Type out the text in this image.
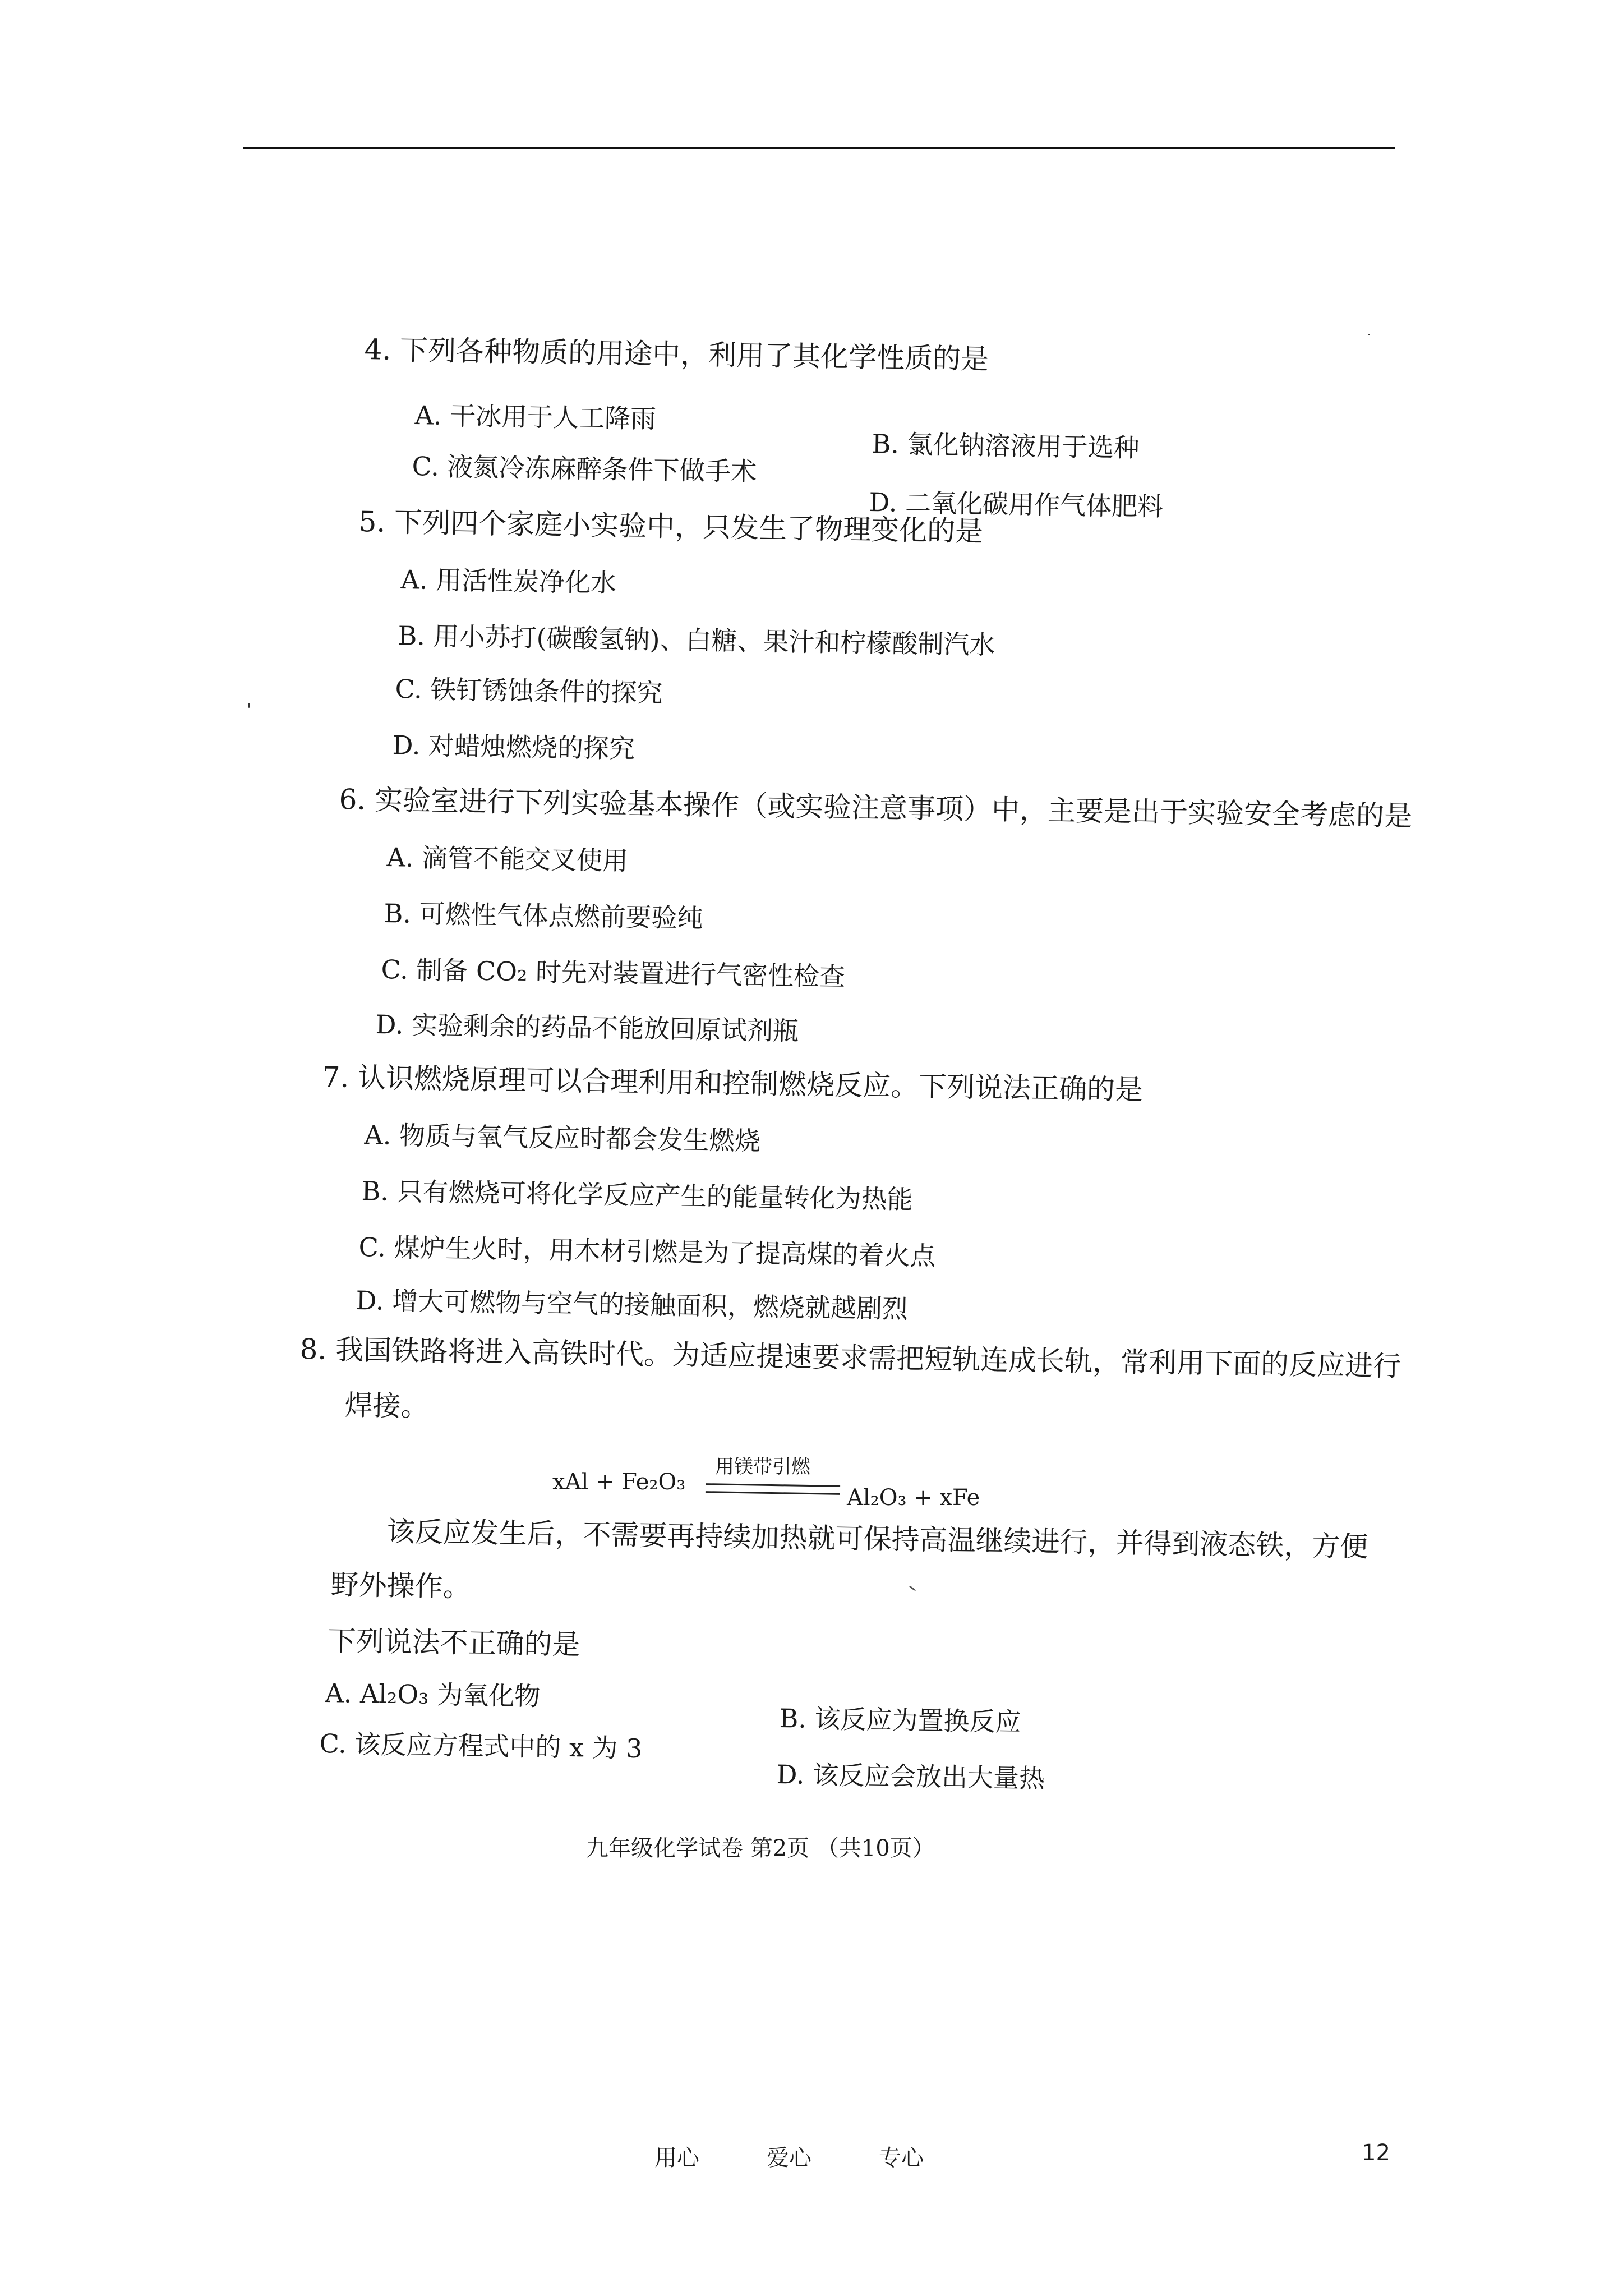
4. 下列各种物质的用途中，利用了其化学性质的是
A. 干冰用于人工降雨
B. 氯化钠溶液用于选种
C. 液氮冷冻麻醉条件下做手术
D. 二氧化碳用作气体肥料
5. 下列四个家庭小实验中，只发生了物理变化的是
A. 用活性炭净化水
B. 用小苏打(碳酸氢钠)、白糖、果汁和柠檬酸制汽水
C. 铁钉锈蚀条件的探究
D. 对蜡烛燃烧的探究
6. 实验室进行下列实验基本操作（或实验注意事项）中，主要是出于实验安全考虑的是
A. 滴管不能交叉使用
B. 可燃性气体点燃前要验纯
C. 制备 CO₂ 时先对装置进行气密性检查
D. 实验剩余的药品不能放回原试剂瓶
7. 认识燃烧原理可以合理利用和控制燃烧反应。下列说法正确的是
A. 物质与氧气反应时都会发生燃烧
B. 只有燃烧可将化学反应产生的能量转化为热能
C. 煤炉生火时，用木材引燃是为了提高煤的着火点
D. 增大可燃物与空气的接触面积，燃烧就越剧烈
8. 我国铁路将进入高铁时代。为适应提速要求需把短轨连成长轨，常利用下面的反应进行
焊接。
xAl + Fe₂O₃
用镁带引燃
Al₂O₃ + xFe
该反应发生后，不需要再持续加热就可保持高温继续进行，并得到液态铁，方便
野外操作。
下列说法不正确的是
A. Al₂O₃ 为氧化物
B. 该反应为置换反应
C. 该反应方程式中的 x 为 3
D. 该反应会放出大量热
九年级化学试卷 第2页 （共10页）
用心	爱心	专心	12
